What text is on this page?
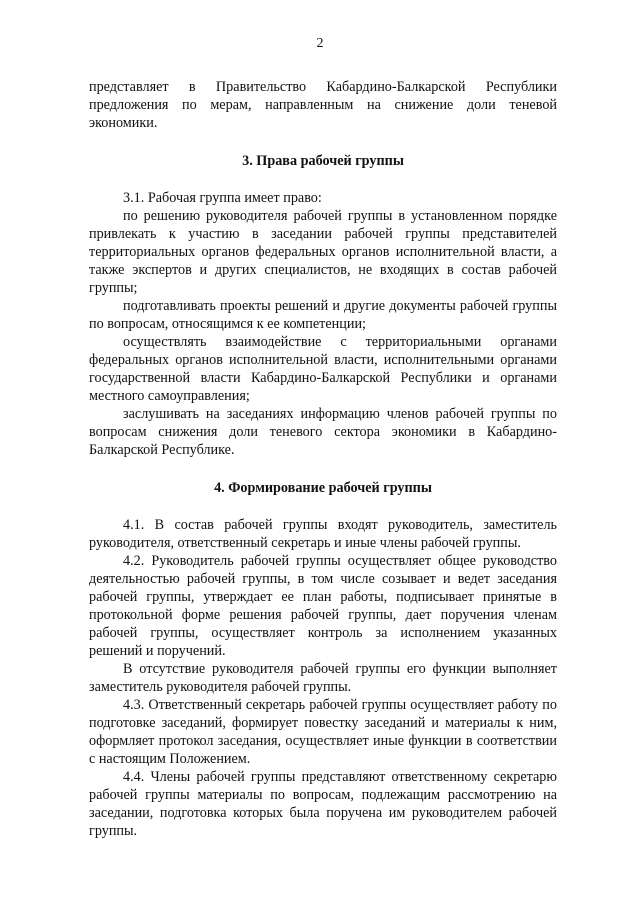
2

представляет в Правительство Кабардино-Балкарской Республики предложения по мерам, направленным на снижение доли теневой экономики.

3. Права рабочей группы

3.1. Рабочая группа имеет право:

по решению руководителя рабочей группы в установленном порядке привлекать к участию в заседании рабочей группы представителей территориальных органов федеральных органов исполнительной власти, а также экспертов и других специалистов, не входящих в состав рабочей группы;

подготавливать проекты решений и другие документы рабочей группы по вопросам, относящимся к ее компетенции;

осуществлять взаимодействие с территориальными органами федеральных органов исполнительной власти, исполнительными органами государственной власти Кабардино-Балкарской Республики и органами местного самоуправления;

заслушивать на заседаниях информацию членов рабочей группы по вопросам снижения доли теневого сектора экономики в Кабардино-Балкарской Республике.

4. Формирование рабочей группы

4.1. В состав рабочей группы входят руководитель, заместитель руководителя, ответственный секретарь и иные члены рабочей группы.

4.2. Руководитель рабочей группы осуществляет общее руководство деятельностью рабочей группы, в том числе созывает и ведет заседания рабочей группы, утверждает ее план работы, подписывает принятые в протокольной форме решения рабочей группы, дает поручения членам рабочей группы, осуществляет контроль за исполнением указанных решений и поручений.

В отсутствие руководителя рабочей группы его функции выполняет заместитель руководителя рабочей группы.

4.3. Ответственный секретарь рабочей группы осуществляет работу по подготовке заседаний, формирует повестку заседаний и материалы к ним, оформляет протокол заседания, осуществляет иные функции в соответствии с настоящим Положением.

4.4. Члены рабочей группы представляют ответственному секретарю рабочей группы материалы по вопросам, подлежащим рассмотрению на заседании, подготовка которых была поручена им руководителем рабочей группы.
